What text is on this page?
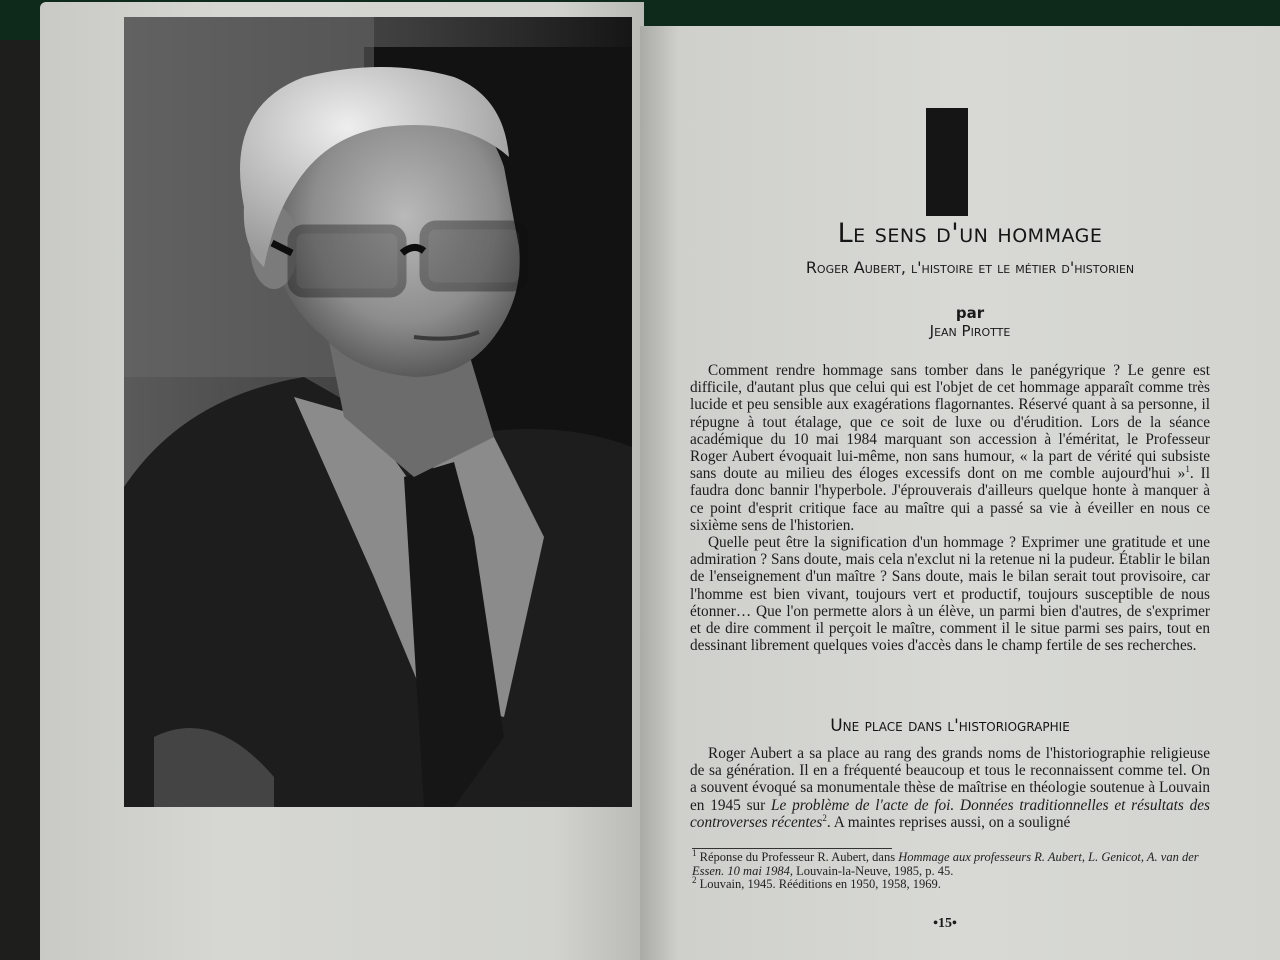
Le sens d'un hommage
Roger Aubert, l'histoire et le métier d'historien
par
Jean Pirotte

Comment rendre hommage sans tomber dans le panégyrique ? Le genre est difficile, d'autant plus que celui qui est l'objet de cet hommage apparaît comme très lucide et peu sensible aux exagérations flagornantes. Réservé quant à sa personne, il répugne à tout étalage, que ce soit de luxe ou d'érudition. Lors de la séance académique du 10 mai 1984 marquant son accession à l'éméritat, le Professeur Roger Aubert évoquait lui-même, non sans humour, « la part de vérité qui subsiste sans doute au milieu des éloges excessifs dont on me comble aujourd'hui »$^1$. Il faudra donc bannir l'hyperbole. J'éprouverais d'ailleurs quelque honte à manquer à ce point d'esprit critique face au maître qui a passé sa vie à éveiller en nous ce sixième sens de l'historien.

Quelle peut être la signification d'un hommage ? Exprimer une gratitude et une admiration ? Sans doute, mais cela n'exclut ni la retenue ni la pudeur. Établir le bilan de l'enseignement d'un maître ? Sans doute, mais le bilan serait tout provisoire, car l'homme est bien vivant, toujours vert et productif, toujours susceptible de nous étonner… Que l'on permette alors à un élève, un parmi bien d'autres, de s'exprimer et de dire comment il perçoit le maître, comment il le situe parmi ses pairs, tout en dessinant librement quelques voies d'accès dans le champ fertile de ses recherches.

Une place dans l'historiographie

Roger Aubert a sa place au rang des grands noms de l'historiographie religieuse de sa génération. Il en a fréquenté beaucoup et tous le reconnaissent comme tel. On a souvent évoqué sa monumentale thèse de maîtrise en théologie soutenue à Louvain en 1945 sur Le problème de l'acte de foi. Données traditionnelles et résultats des controverses récentes$^2$. A maintes reprises aussi, on a souligné

$^1$ Réponse du Professeur R. Aubert, dans Hommage aux professeurs R. Aubert, L. Genicot, A. van der Essen. 10 mai 1984, Louvain-la-Neuve, 1985, p. 45.

$^2$ Louvain, 1945. Rééditions en 1950, 1958, 1969.

•15•
